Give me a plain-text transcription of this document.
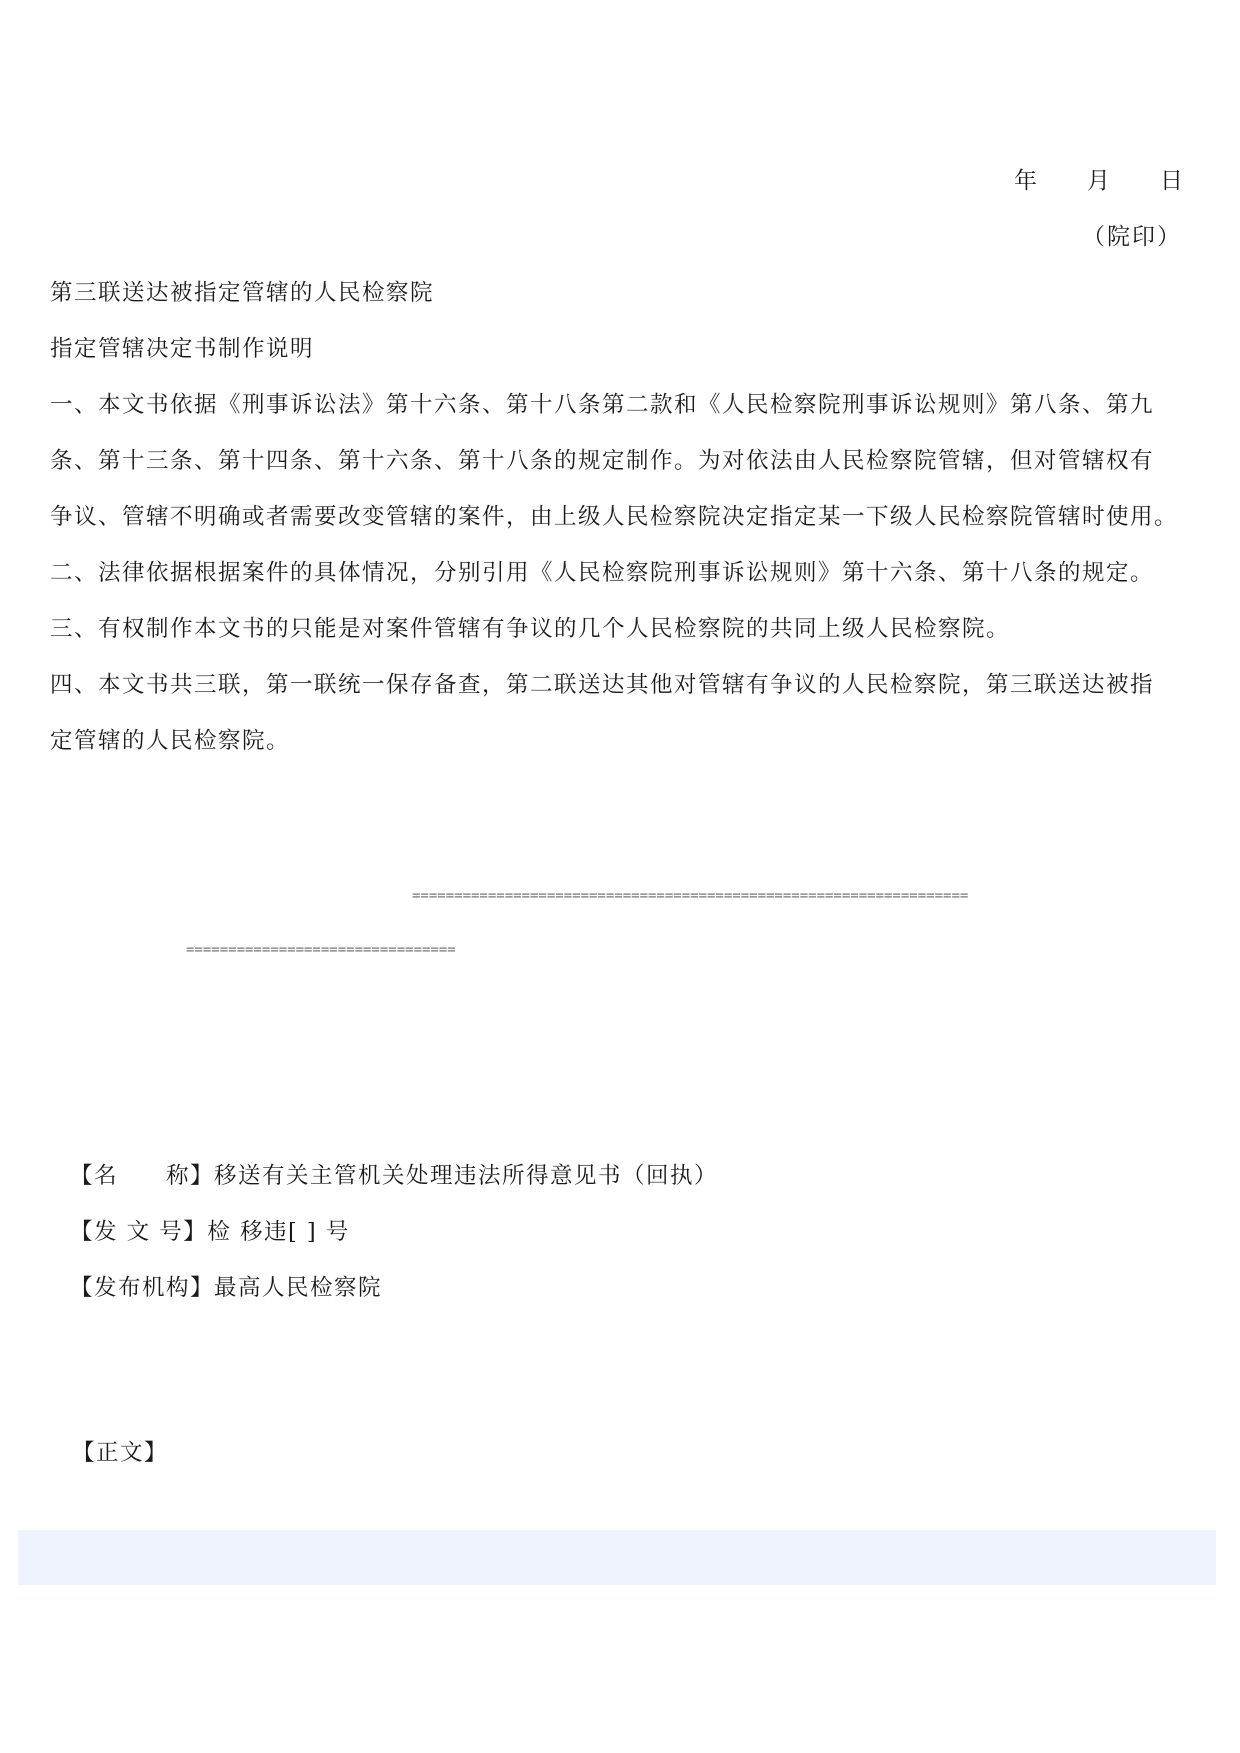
年 月 日
（院印）
第三联送达被指定管辖的人民检察院
指定管辖决定书制作说明
一、本文书依据《刑事诉讼法》第十六条、第十八条第二款和《人民检察院刑事诉讼规则》第八条、第九
条、第十三条、第十四条、第十六条、第十八条的规定制作。为对依法由人民检察院管辖，但对管辖权有
争议、管辖不明确或者需要改变管辖的案件，由上级人民检察院决定指定某一下级人民检察院管辖时使用。
二、法律依据根据案件的具体情况，分别引用《人民检察院刑事诉讼规则》第十六条、第十八条的规定。
三、有权制作本文书的只能是对案件管辖有争议的几个人民检察院的共同上级人民检察院。
四、本文书共三联，第一联统一保存备查，第二联送达其他对管辖有争议的人民检察院，第三联送达被指
定管辖的人民检察院。
==================================================================
================================
【名　　称】移送有关主管机关处理违法所得意见书（回执）
【发 文 号】检 移违[ ] 号
【发布机构】最高人民检察院
【正文】
